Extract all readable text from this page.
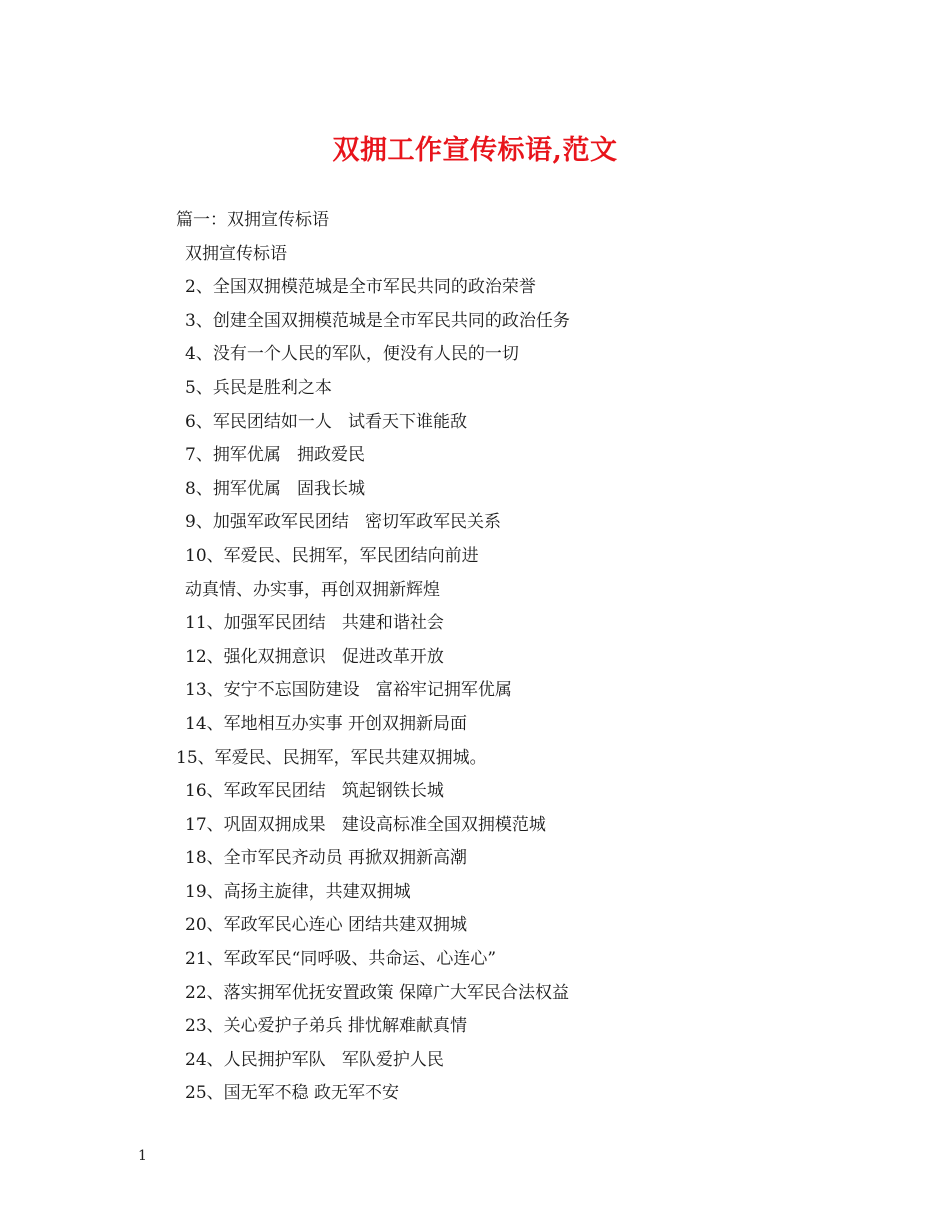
双拥工作宣传标语,范文
篇一：双拥宣传标语
双拥宣传标语
2、全国双拥模范城是全市军民共同的政治荣誉
3、创建全国双拥模范城是全市军民共同的政治任务
4、没有一个人民的军队，便没有人民的一切
5、兵民是胜利之本
6、军民团结如一人   试看天下谁能敌
7、拥军优属   拥政爱民
8、拥军优属   固我长城
9、加强军政军民团结   密切军政军民关系
10、军爱民、民拥军，军民团结向前进
动真情、办实事，再创双拥新辉煌
11、加强军民团结   共建和谐社会
12、强化双拥意识   促进改革开放
13、安宁不忘国防建设   富裕牢记拥军优属
14、军地相互办实事 开创双拥新局面
15、军爱民、民拥军，军民共建双拥城。
16、军政军民团结   筑起钢铁长城
17、巩固双拥成果   建设高标准全国双拥模范城
18、全市军民齐动员 再掀双拥新高潮
19、高扬主旋律，共建双拥城
20、军政军民心连心 团结共建双拥城
21、军政军民“同呼吸、共命运、心连心”
22、落实拥军优抚安置政策 保障广大军民合法权益
23、关心爱护子弟兵 排忧解难献真情
24、人民拥护军队   军队爱护人民
25、国无军不稳 政无军不安
1
